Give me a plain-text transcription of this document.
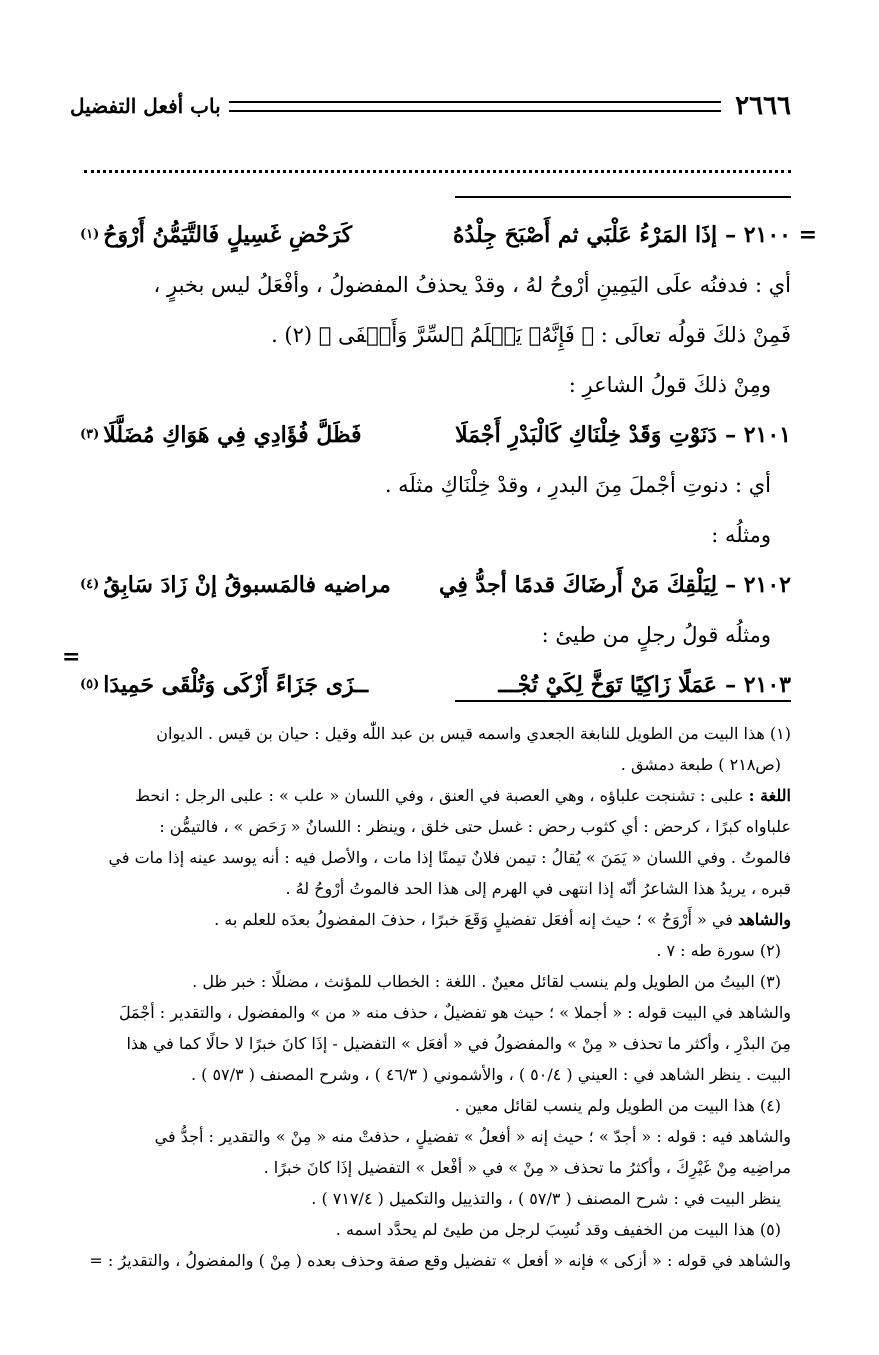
٢٦٦٦
باب أفعل التفضيل
=
=
٢١٠٠ –
إذَا المَرْءُ عَلْبَي ثم أَصْبَحَ جِلْدُهُ
كَرَحْضِ غَسِيلٍ فَالتَّيَمُّنُ أَرْوَحُ
(١)
أي : فدفنُه علَى اليَمِينِ أرْوحُ لهُ ، وقدْ يحذفُ المفضولُ ، وأفْعَلُ ليس بخبرٍ ،
فَمِنْ ذلكَ قولُه تعالَى : ﴿ فَإِنَّهُۥ يَعۡلَمُ ٱلسِّرَّ وَأَخۡفَى ﴾ (٢) .
ومِنْ ذلكَ قولُ الشاعرِ :
٢١٠١ –
دَنَوْتِ وَقَدْ خِلْنَاكِ كَالْبَدْرِ أَجْمَلَا
فَظَلَّ فُؤَادِي فِي هَوَاكِ مُضَلَّلَا
(٣)
أي : دنوتِ أجْملَ مِنَ البدرِ ، وقدْ خِلْنَاكِ مثلَه .
ومثلُه :
٢١٠٢ –
لِيَلْقِكَ مَنْ أَرضَاكَ قدمًا أجدُّ فِي
مراضيه فالمَسبوقُ إنْ زَادَ سَابِقُ
(٤)
ومثلُه قولُ رجلٍ من طيئ :
٢١٠٣ –
عَمَلًا زَاكِيًا تَوَخَّ لِكَيْ تُجْـــ
ــزَى جَزَاءً أَزْكَى وَتُلْقَى حَمِيدَا
(٥)
(١) هذا البيت من الطويل للنابغة الجعدي واسمه قيس بن عبد اللّٰه وقيل : حيان بن قيس . الديوان
(ص٢١٨ ) طبعة دمشق .
اللغة : علبى : تشنجت علباؤه ، وهي العصبة في العنق ، وفي اللسان « علب » : علبى الرجل : انحط
علباواه كبرًا ، كرحض : أي كثوب رحض : غسل حتى خلق ، وينظر : اللسانُ « رَحَض » ، فالتيمُّن :
فالموتُ . وفي اللسان « يَمَنَ » يُقالُ : تيمن فلانٌ تيمنًا إذا مات ، والأصل فيه : أنه يوسد عينه إذا مات في
قبره ، يريدُ هذا الشاعرُ أنّه إذا انتهى في الهرم إلى هذا الحد فالموتُ أرْوحُ لهُ .
والشاهد في « أَرْوَحُ » ؛ حيث إنه أفعَل تفضيلٍ وَقَعَ خبرًا ، حذفَ المفضولُ بعدَه للعلم به .
(٢) سورة طه : ٧ .
(٣) البيتُ من الطويل ولم ينسب لقائل معينٌ . اللغة : الخطاب للمؤنث ، مضللًا : خبر ظل .
والشاهد في البيت قوله : « أجملا » ؛ حيث هو تفضيلٌ ، حذف منه « من » والمفضول ، والتقدير : أجْمَلَ
مِنَ البدْرِ ، وأكثر ما تحذف « مِنْ » والمفضولُ في « أفعَل » التفضيل - إذَا كانَ خبرًا لا حالًا كما في هذا
البيت . ينظر الشاهد في : العيني ( ٥٠/٤ ) ، والأشموني ( ٤٦/٣ ) ، وشرح المصنف ( ٥٧/٣ ) .
(٤) هذا البيت من الطويل ولم ينسب لقائل معين .
والشاهد فيه : قوله : « أجدّ » ؛ حيث إنه « أفعلُ » تفضيلٍ ، حذفتْ منه « مِنْ » والتقدير : أجدُّ في
مراضِيه مِنْ غَيْرِكَ ، وأكثرُ ما تحذف « مِنْ » في « أفْعل » التفضيل إذَا كانَ خبرًا .
ينظر البيت في : شرح المصنف ( ٥٧/٣ ) ، والتذييل والتكميل ( ٧١٧/٤ ) .
(٥) هذا البيت من الخفيف وقد نُسِبَ لرجل من طيئ لم يحدَّد اسمه .
والشاهد في قوله : « أزكى » فإنه « أفعل » تفضيل وقع صفة وحذف بعده ( مِنْ ) والمفضولُ ، والتقديرُ : =
